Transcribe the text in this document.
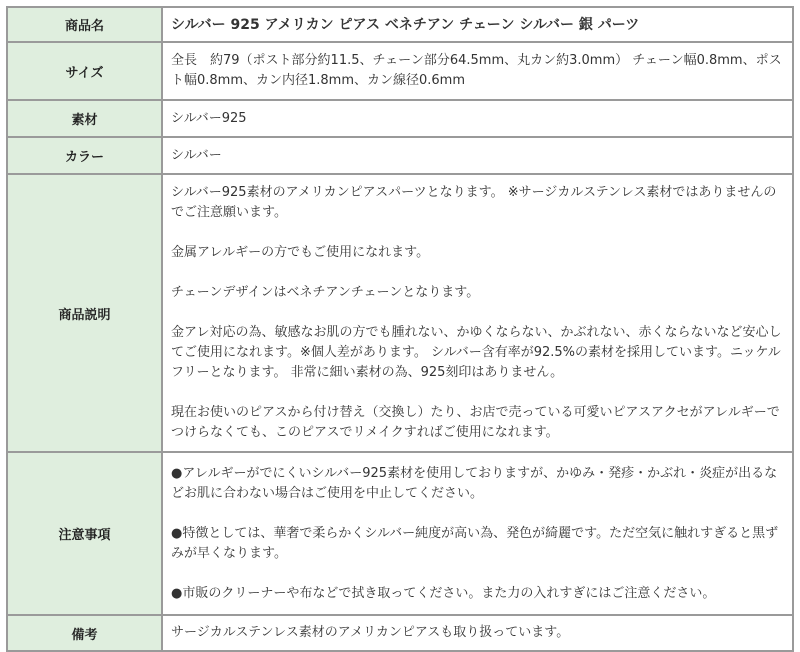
商品名	シルバー 925 アメリカン ピアス ベネチアン チェーン シルバー 銀 パーツ
サイズ	全長　約79（ポスト部分約11.5、チェーン部分64.5mm、丸カン約3.0mm） チェーン幅0.8mm、ポスト幅0.8mm、カン内径1.8mm、カン線径0.6mm
素材	シルバー925
カラー	シルバー
商品説明	シルバー925素材のアメリカンピアスパーツとなります。 ※サージカルステンレス素材ではありませんのでご注意願います。

金属アレルギーの方でもご使用になれます。

チェーンデザインはベネチアンチェーンとなります。

金アレ対応の為、敏感なお肌の方でも腫れない、かゆくならない、かぶれない、赤くならないなど安心してご使用になれます。※個人差があります。 シルバー含有率が92.5%の素材を採用しています。ニッケルフリーとなります。 非常に細い素材の為、925刻印はありません。

現在お使いのピアスから付け替え（交換し）たり、お店で売っている可愛いピアスアクセがアレルギーでつけらなくても、このピアスでリメイクすればご使用になれます。

注意事項	●アレルギーがでにくいシルバー925素材を使用しておりますが、かゆみ・発疹・かぶれ・炎症が出るなどお肌に合わない場合はご使用を中止してください。

●特徴としては、華奢で柔らかくシルバー純度が高い為、発色が綺麗です。ただ空気に触れすぎると黒ずみが早くなります。

●市販のクリーナーや布などで拭き取ってください。また力の入れすぎにはご注意ください。

備考	サージカルステンレス素材のアメリカンピアスも取り扱っています。
